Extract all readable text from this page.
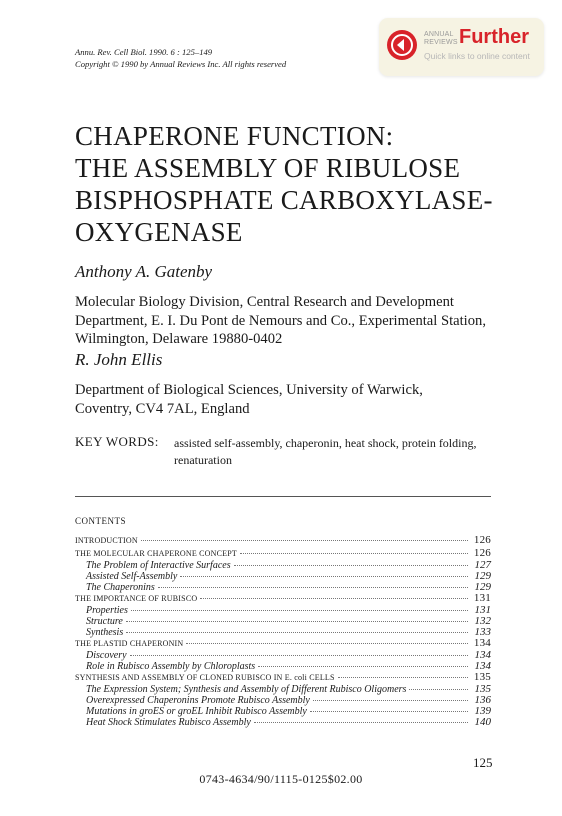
Annu. Rev. Cell Biol. 1990. 6 : 125–149
Copyright © 1990 by Annual Reviews Inc. All rights reserved
ANNUAL
REVIEWS Further
Quick links to online content
CHAPERONE FUNCTION:
THE ASSEMBLY OF RIBULOSE
BISPHOSPHATE CARBOXYLASE-
OXYGENASE
Anthony A. Gatenby
Molecular Biology Division, Central Research and Development
Department, E. I. Du Pont de Nemours and Co., Experimental Station,
Wilmington, Delaware 19880-0402
R. John Ellis
Department of Biological Sciences, University of Warwick,
Coventry, CV4 7AL, England
KEY WORDS: assisted self-assembly, chaperonin, heat shock, protein folding, renaturation
CONTENTS
INTRODUCTION	126
THE MOLECULAR CHAPERONE CONCEPT	126
The Problem of Interactive Surfaces	127
Assisted Self-Assembly	129
The Chaperonins	129
THE IMPORTANCE OF RUBISCO	131
Properties	131
Structure	132
Synthesis	133
THE PLASTID CHAPERONIN	134
Discovery	134
Role in Rubisco Assembly by Chloroplasts	134
SYNTHESIS AND ASSEMBLY OF CLONED RUBISCO IN E. coli CELLS	135
The Expression System; Synthesis and Assembly of Different Rubisco Oligomers	135
Overexpressed Chaperonins Promote Rubisco Assembly	136
Mutations in groES or groEL Inhibit Rubisco Assembly	139
Heat Shock Stimulates Rubisco Assembly	140
125
0743-4634/90/1115-0125$02.00
